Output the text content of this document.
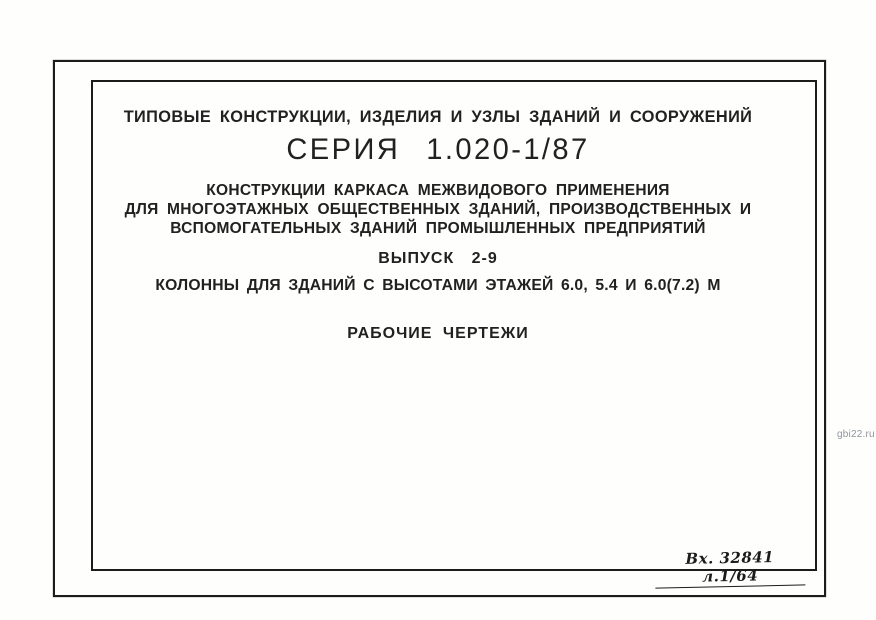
ТИПОВЫЕ КОНСТРУКЦИИ, ИЗДЕЛИЯ И УЗЛЫ ЗДАНИЙ И СООРУЖЕНИЙ
СЕРИЯ 1.020-1/87
КОНСТРУКЦИИ КАРКАСА МЕЖВИДОВОГО ПРИМЕНЕНИЯ
ДЛЯ МНОГОЭТАЖНЫХ ОБЩЕСТВЕННЫХ ЗДАНИЙ, ПРОИЗВОДСТВЕННЫХ И
ВСПОМОГАТЕЛЬНЫХ ЗДАНИЙ ПРОМЫШЛЕННЫХ ПРЕДПРИЯТИЙ
ВЫПУСК 2-9
КОЛОННЫ ДЛЯ ЗДАНИЙ С ВЫСОТАМИ ЭТАЖЕЙ 6.0, 5.4 И 6.0(7.2) М
РАБОЧИЕ ЧЕРТЕЖИ
Вх. 32841 л.1/64
gbi22.ru
